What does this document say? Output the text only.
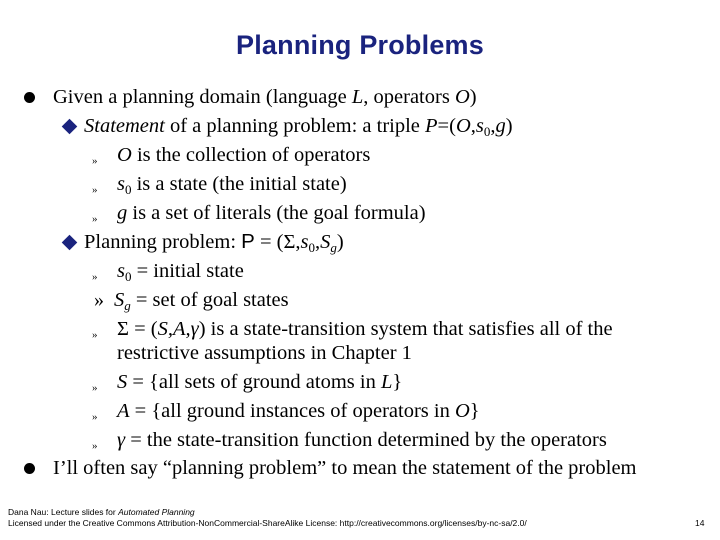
Planning Problems
Given a planning domain (language L, operators O)
Statement of a planning problem: a triple $P=(O,s_0,g)$
» O is the collection of operators
» $s_0$ is a state (the initial state)
» g is a set of literals (the goal formula)
Planning problem: $P = (\Sigma,s_0,S_g)$
» $s_0$ = initial state
» $S_g$ = set of goal states
» Σ = (S,A,γ) is a state-transition system that satisfies all of the
restrictive assumptions in Chapter 1
» S = {all sets of ground atoms in L}
» A = {all ground instances of operators in O}
» γ = the state-transition function determined by the operators
I’ll often say “planning problem” to mean the statement of the problem
Dana Nau: Lecture slides for Automated Planning
Licensed under the Creative Commons Attribution-NonCommercial-ShareAlike License: http://creativecommons.org/licenses/by-nc-sa/2.0/	14
